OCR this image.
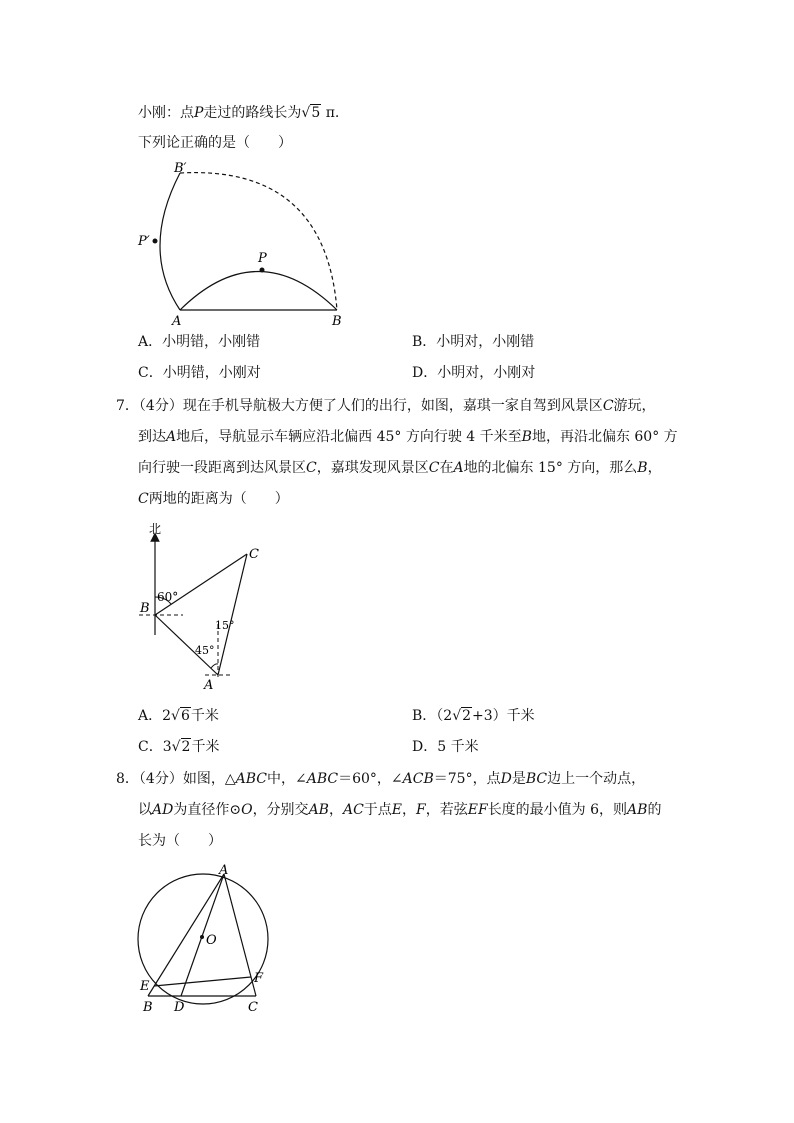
小刚：点P走过的路线长为√5 π.
下列论正确的是（　　）
B′
P′
P
A	B
A．小明错，小刚错	B．小明对，小刚错
C．小明错，小刚对	D．小明对，小刚对
7．（4分）现在手机导航极大方便了人们的出行，如图，嘉琪一家自驾到风景区C游玩，
到达A地后，导航显示车辆应沿北偏西 45° 方向行驶 4 千米至B地，再沿北偏东 60° 方
向行驶一段距离到达风景区C，嘉琪发现风景区C在A地的北偏东 15° 方向，那么B，
C两地的距离为（　　）
北
60°
15°
45°
C
B
A
A．2√6千米	B．（2√2+3）千米
C．3√2千米	D．5 千米
8．（4分）如图，△ABC中，∠ABC＝60°，∠ACB＝75°，点D是BC边上一个动点，
以AD为直径作⊙O，分别交AB，AC于点E，F，若弦EF长度的最小值为 6，则AB的
长为（　　）
A
O
E
F
B D	C
